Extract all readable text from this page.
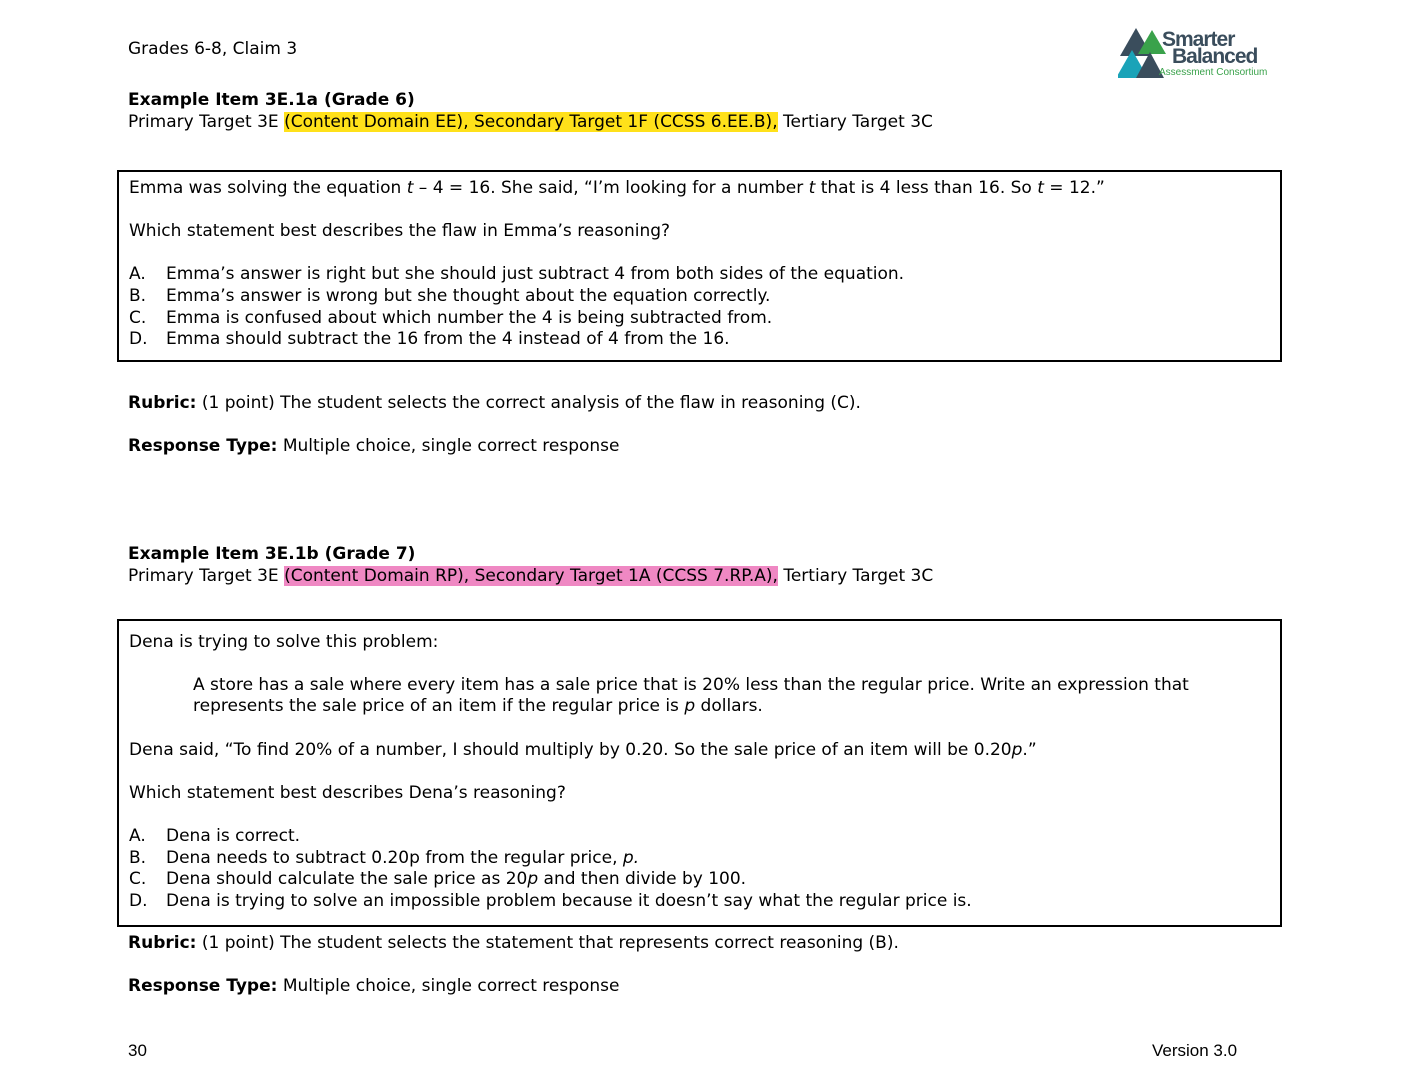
Grades 6-8, Claim 3	Smarter
Balanced
Assessment Consortium
Example Item 3E.1a (Grade 6)
Primary Target 3E (Content Domain EE), Secondary Target 1F (CCSS 6.EE.B), Tertiary Target 3C
Emma was solving the equation t – 4 = 16. She said, “I’m looking for a number t that is 4 less than 16. So t = 12.”
Which statement best describes the flaw in Emma’s reasoning?
A. Emma’s answer is right but she should just subtract 4 from both sides of the equation.
B. Emma’s answer is wrong but she thought about the equation correctly.
C. Emma is confused about which number the 4 is being subtracted from.
D. Emma should subtract the 16 from the 4 instead of 4 from the 16.
Rubric: (1 point) The student selects the correct analysis of the flaw in reasoning (C).
Response Type: Multiple choice, single correct response
Example Item 3E.1b (Grade 7)
Primary Target 3E (Content Domain RP), Secondary Target 1A (CCSS 7.RP.A), Tertiary Target 3C
Dena is trying to solve this problem:
A store has a sale where every item has a sale price that is 20% less than the regular price. Write an expression that
represents the sale price of an item if the regular price is p dollars.
Dena said, “To find 20% of a number, I should multiply by 0.20. So the sale price of an item will be 0.20p.”
Which statement best describes Dena’s reasoning?
A. Dena is correct.
B. Dena needs to subtract 0.20p from the regular price, p.
C. Dena should calculate the sale price as 20p and then divide by 100.
D. Dena is trying to solve an impossible problem because it doesn’t say what the regular price is.
Rubric: (1 point) The student selects the statement that represents correct reasoning (B).
Response Type: Multiple choice, single correct response
30	Version 3.0
